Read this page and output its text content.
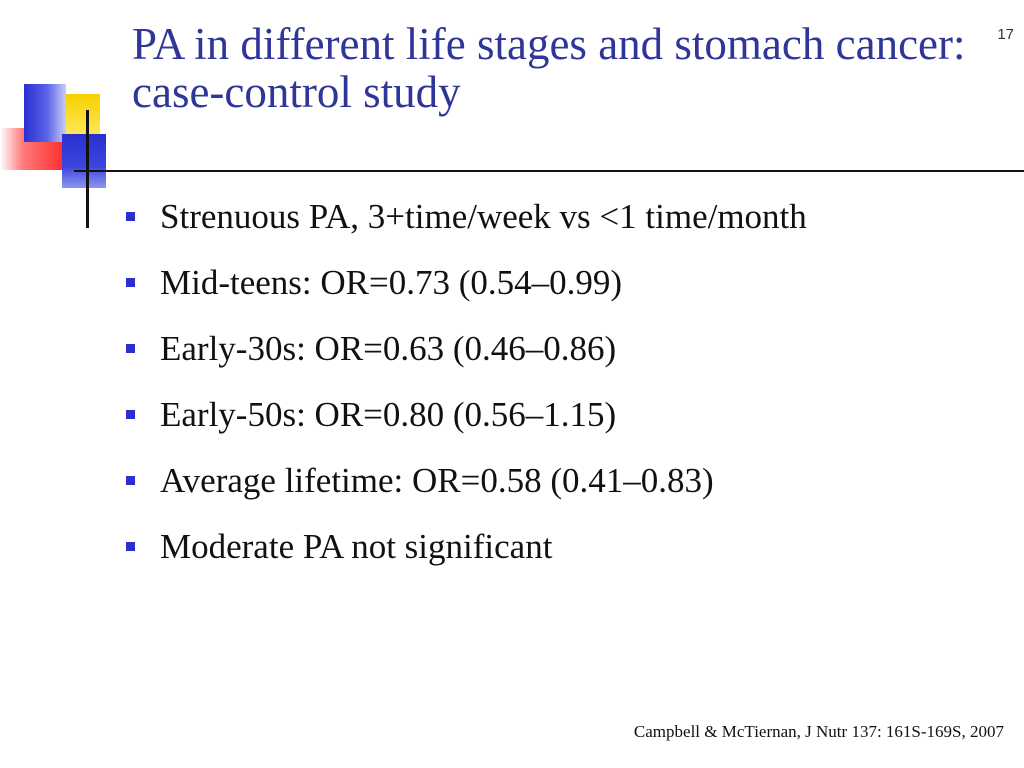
17
PA in different life stages and stomach cancer: case-control study
Strenuous PA, 3+time/week vs <1 time/month
Mid-teens: OR=0.73 (0.54–0.99)
Early-30s: OR=0.63 (0.46–0.86)
Early-50s: OR=0.80 (0.56–1.15)
Average lifetime: OR=0.58 (0.41–0.83)
Moderate PA not significant
Campbell & McTiernan, J Nutr 137: 161S-169S, 2007
